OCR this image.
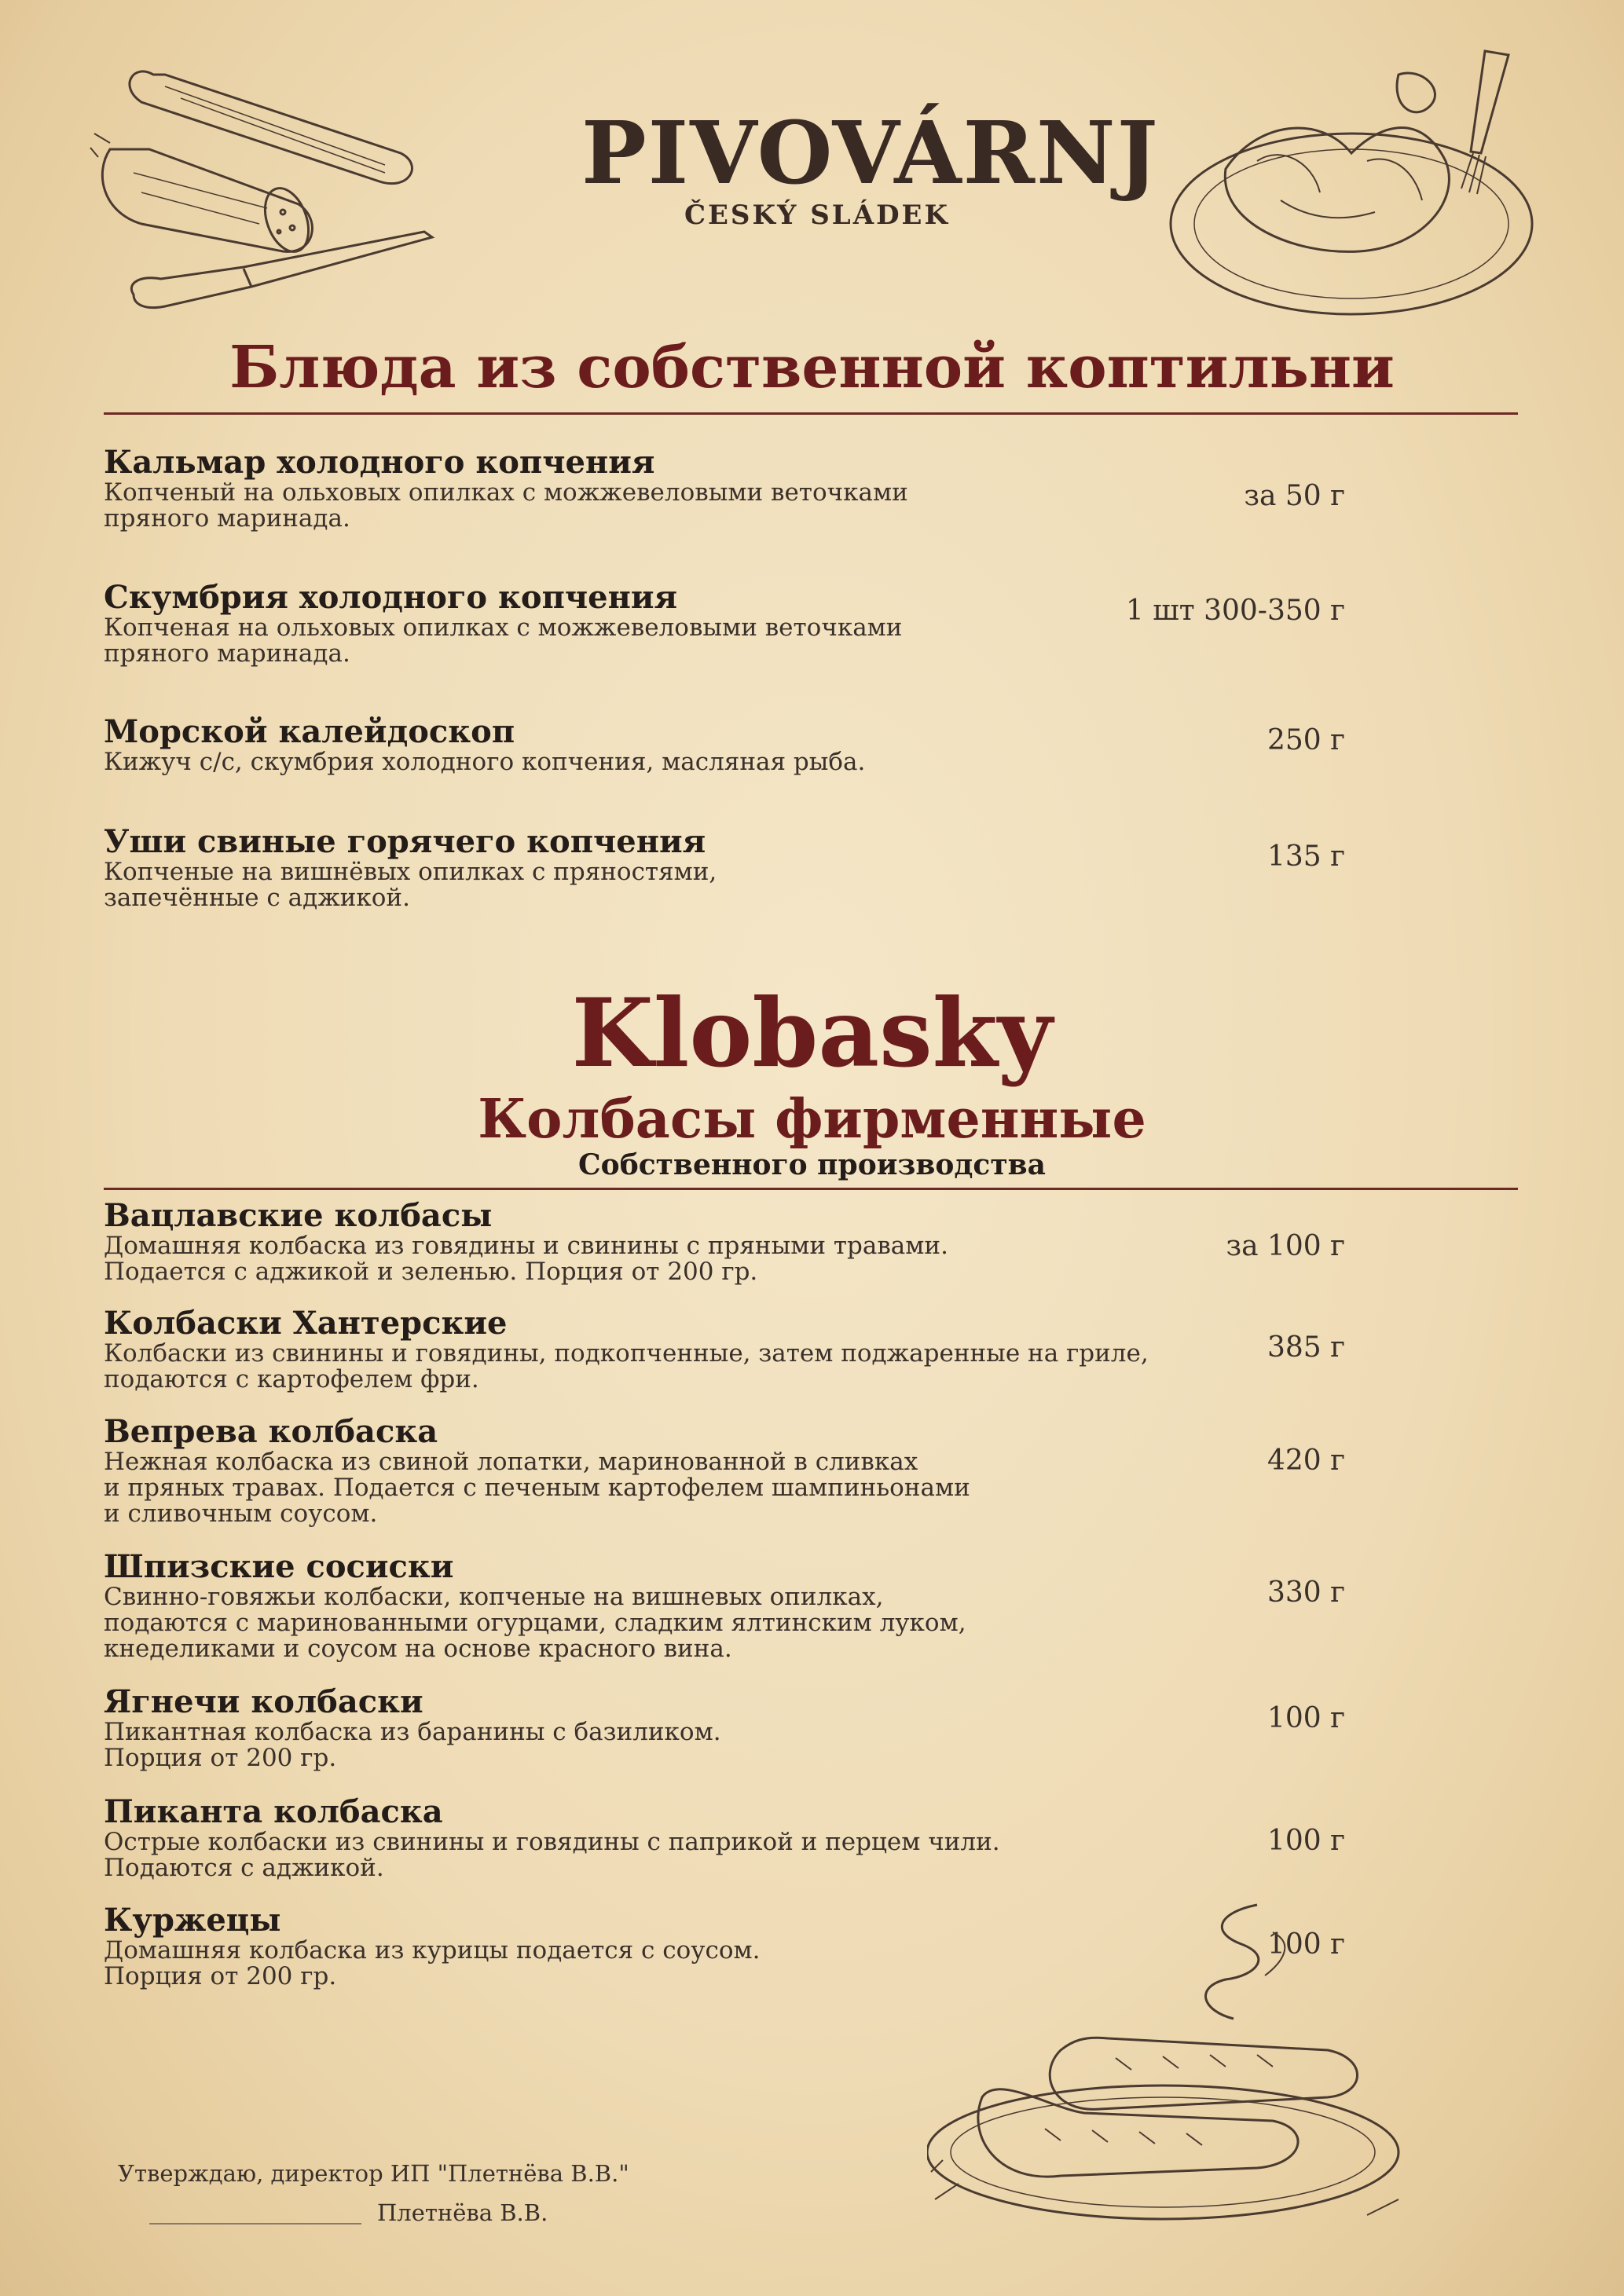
PIVOVÁRNJ
ČESKÝ SLÁDEK
Блюда из собственной коптильни
Кальмар холодного копчения
Копченый на ольховых опилках с можжевеловыми веточками
пряного маринада.
за 50 г
Скумбрия холодного копчения
Копченая на ольховых опилках с можжевеловыми веточками
пряного маринада.
1 шт 300-350 г
Морской калейдоскоп
Кижуч с/с, скумбрия холодного копчения, масляная рыба.
250 г
Уши свиные горячего копчения
Копченые на вишнёвых опилках с пряностями,
запечённые с аджикой.
135 г
Klobasky
Колбасы фирменные
Собственного производства
Вацлавские колбасы
Домашняя колбаска из говядины и свинины с пряными травами.
Подается с аджикой и зеленью. Порция от 200 гр.
за 100 г
Колбаски Хантерские
Колбаски из свинины и говядины, подкопченные, затем поджаренные на гриле,
подаются с картофелем фри.
385 г
Вепрева колбаска
Нежная колбаска из свиной лопатки, маринованной в сливках
и пряных травах. Подается с печеным картофелем шампиньонами
и сливочным соусом.
420 г
Шпизские сосиски
Свинно-говяжьи колбаски, копченые на вишневых опилках,
подаются с маринованными огурцами, сладким ялтинским луком,
кнеделиками и соусом на основе красного вина.
330 г
Ягнечи колбаски
Пикантная колбаска из баранины с базиликом.
Порция от 200 гр.
100 г
Пиканта колбаска
Острые колбаски из свинины и говядины с паприкой и перцем чили.
Подаются с аджикой.
100 г
Куржецы
Домашняя колбаска из курицы подается с соусом.
Порция от 200 гр.
100 г
Утверждаю, директор ИП "Плетнёва В.В."
Плетнёва В.В.
